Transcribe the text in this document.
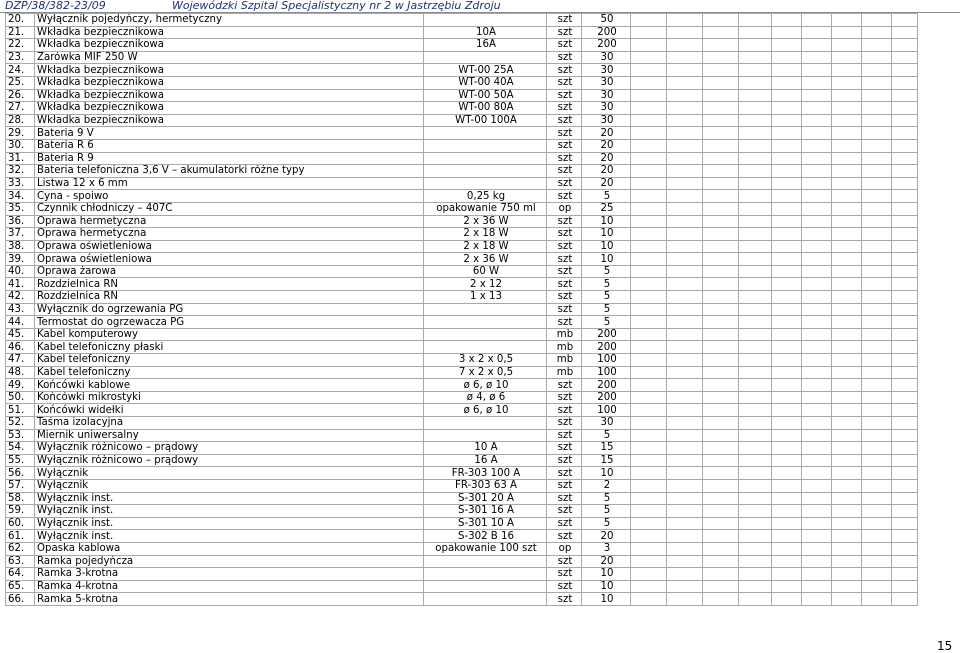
DZP/38/382-23/09	Wojewódzki Szpital Specjalistyczny nr 2 w Jastrzębiu Zdroju
20.	Wyłącznik pojedyńczy, hermetyczny		szt	50									
21.	Wkładka bezpiecznikowa	10A	szt	200									
22.	Wkładka bezpiecznikowa	16A	szt	200									
23.	Żarówka MIF 250 W		szt	30									
24.	Wkładka bezpiecznikowa	WT-00 25A	szt	30									
25.	Wkładka bezpiecznikowa	WT-00 40A	szt	30									
26.	Wkładka bezpiecznikowa	WT-00 50A	szt	30									
27.	Wkładka bezpiecznikowa	WT-00 80A	szt	30									
28.	Wkładka bezpiecznikowa	WT-00 100A	szt	30									
29.	Bateria 9 V		szt	20									
30.	Bateria R 6		szt	20									
31.	Bateria R 9		szt	20									
32.	Bateria telefoniczna 3,6 V – akumulatorki różne typy		szt	20									
33.	Listwa 12 x 6 mm		szt	20									
34.	Cyna - spoiwo	0,25 kg	szt	5									
35.	Czynnik chłodniczy – 407C	opakowanie 750 ml	op	25									
36.	Oprawa hermetyczna	2 x 36 W	szt	10									
37.	Oprawa hermetyczna	2 x 18 W	szt	10									
38.	Oprawa oświetleniowa	2 x 18 W	szt	10									
39.	Oprawa oświetleniowa	2 x 36 W	szt	10									
40.	Oprawa żarowa	60 W	szt	5									
41.	Rozdzielnica RN	2 x 12	szt	5									
42.	Rozdzielnica RN	1 x 13	szt	5									
43.	Wyłącznik do ogrzewania PG		szt	5									
44.	Termostat do ogrzewacza PG		szt	5									
45.	Kabel komputerowy		mb	200									
46.	Kabel telefoniczny płaski		mb	200									
47.	Kabel telefoniczny	3 x 2 x 0,5	mb	100									
48.	Kabel telefoniczny	7 x 2 x 0,5	mb	100									
49.	Końcówki kablowe	ø 6, ø 10	szt	200									
50.	Końcówki mikrostyki	ø 4, ø 6	szt	200									
51.	Końcówki widełki	ø 6, ø 10	szt	100									
52.	Taśma izolacyjna		szt	30									
53.	Miernik uniwersalny		szt	5									
54.	Wyłącznik różnicowo – prądowy	10 A	szt	15									
55.	Wyłącznik różnicowo – prądowy	16 A	szt	15									
56.	Wyłącznik	FR-303 100 A	szt	10									
57.	Wyłącznik	FR-303 63 A	szt	2									
58.	Wyłącznik inst.	S-301 20 A	szt	5									
59.	Wyłącznik inst.	S-301 16 A	szt	5									
60.	Wyłącznik inst.	S-301 10 A	szt	5									
61.	Wyłącznik inst.	S-302 B 16	szt	20									
62.	Opaska kablowa	opakowanie 100 szt	op	3									
63.	Ramka pojedyńcza		szt	20									
64.	Ramka 3-krotna		szt	10									
65.	Ramka 4-krotna		szt	10									
66.	Ramka 5-krotna		szt	10									
15
